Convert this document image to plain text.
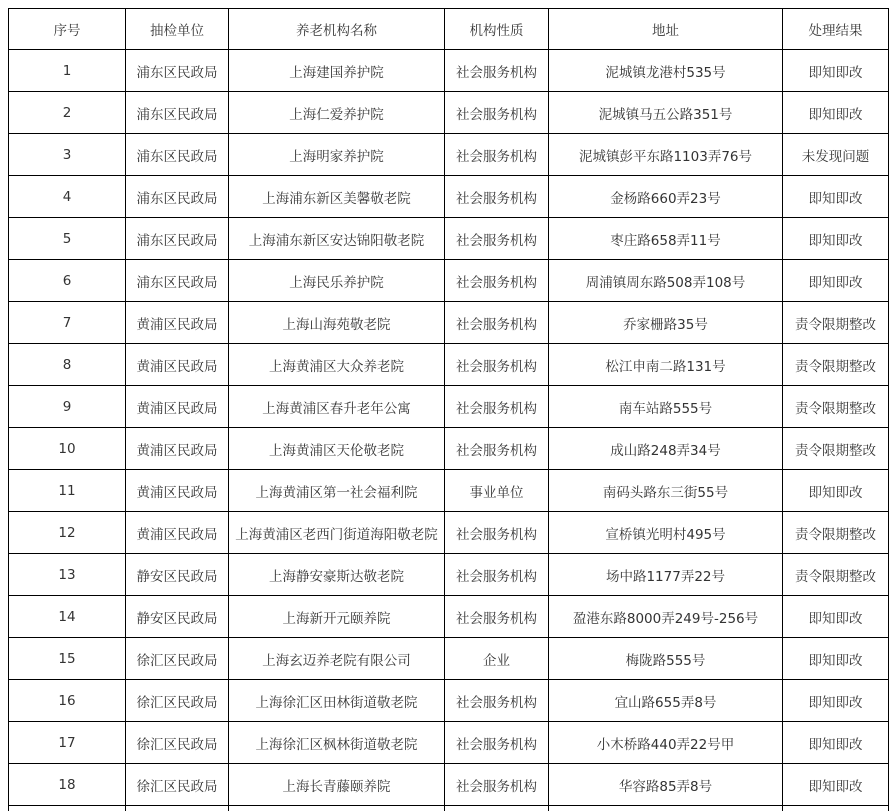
序号	抽检单位	养老机构名称	机构性质	地址	处理结果
1	浦东区民政局	上海建国养护院	社会服务机构	泥城镇龙港村535号	即知即改
2	浦东区民政局	上海仁爱养护院	社会服务机构	泥城镇马五公路351号	即知即改
3	浦东区民政局	上海明家养护院	社会服务机构	泥城镇彭平东路1103弄76号	未发现问题
4	浦东区民政局	上海浦东新区美馨敬老院	社会服务机构	金杨路660弄23号	即知即改
5	浦东区民政局	上海浦东新区安达锦阳敬老院	社会服务机构	枣庄路658弄11号	即知即改
6	浦东区民政局	上海民乐养护院	社会服务机构	周浦镇周东路508弄108号	即知即改
7	黄浦区民政局	上海山海苑敬老院	社会服务机构	乔家栅路35号	责令限期整改
8	黄浦区民政局	上海黄浦区大众养老院	社会服务机构	松江申南二路131号	责令限期整改
9	黄浦区民政局	上海黄浦区春升老年公寓	社会服务机构	南车站路555号	责令限期整改
10	黄浦区民政局	上海黄浦区天伦敬老院	社会服务机构	成山路248弄34号	责令限期整改
11	黄浦区民政局	上海黄浦区第一社会福利院	事业单位	南码头路东三街55号	即知即改
12	黄浦区民政局	上海黄浦区老西门街道海阳敬老院	社会服务机构	宣桥镇光明村495号	责令限期整改
13	静安区民政局	上海静安豪斯达敬老院	社会服务机构	场中路1177弄22号	责令限期整改
14	静安区民政局	上海新开元颐养院	社会服务机构	盈港东路8000弄249号-256号	即知即改
15	徐汇区民政局	上海玄迈养老院有限公司	企业	梅陇路555号	即知即改
16	徐汇区民政局	上海徐汇区田林街道敬老院	社会服务机构	宜山路655弄8号	即知即改
17	徐汇区民政局	上海徐汇区枫林街道敬老院	社会服务机构	小木桥路440弄22号甲	即知即改
18	徐汇区民政局	上海长青藤颐养院	社会服务机构	华容路85弄8号	即知即改
